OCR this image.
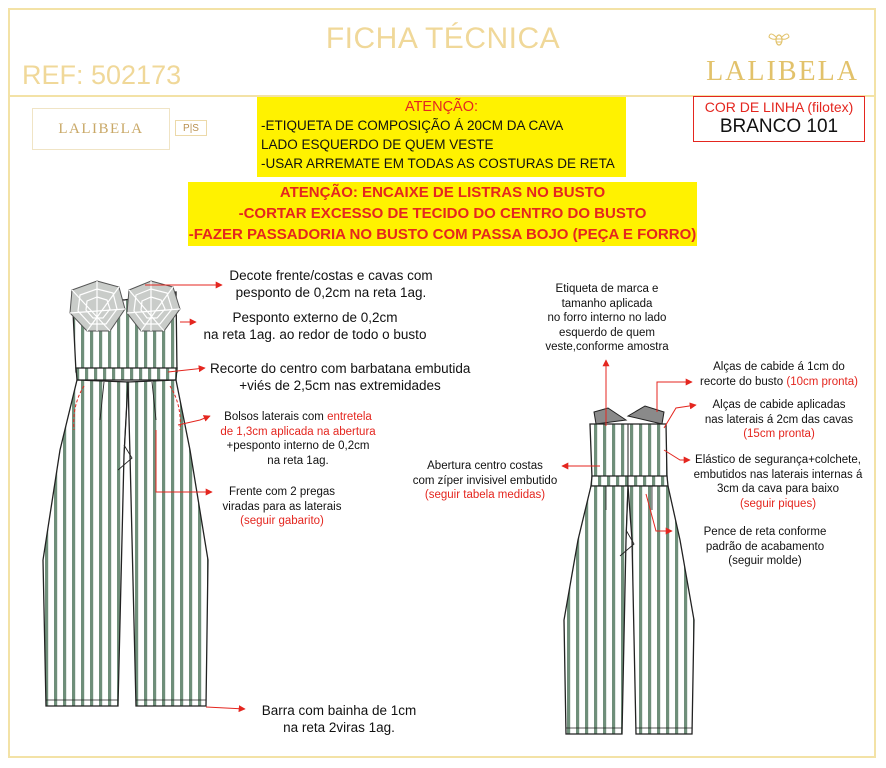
FICHA TÉCNICA
REF: 502173	LALIBELA
LALIBELA	P|S
ATENÇÃO:
-ETIQUETA DE COMPOSIÇÃO Á 20CM DA CAVA
LADO ESQUERDO DE QUEM VESTE
-USAR ARREMATE EM TODAS AS COSTURAS DE RETA
COR DE LINHA (filotex)
BRANCO 101
ATENÇÃO: ENCAIXE DE LISTRAS NO BUSTO
-CORTAR EXCESSO DE TECIDO DO CENTRO DO BUSTO
-FAZER PASSADORIA NO BUSTO COM PASSA BOJO (PEÇA E FORRO)
Decote frente/costas e cavas com
pesponto de 0,2cm na reta 1ag.
Pesponto externo de 0,2cm
na reta 1ag. ao redor de todo o busto
Recorte do centro com barbatana embutida
+viés de 2,5cm nas extremidades
Bolsos laterais com entretela
de 1,3cm aplicada na abertura
+pesponto interno de 0,2cm
na reta 1ag.
Frente com 2 pregas
viradas para as laterais
(seguir gabarito)
Barra com bainha de 1cm
na reta 2viras 1ag.
Etiqueta de marca e
tamanho aplicada
no forro interno no lado
esquerdo de quem
veste,conforme amostra
Alças de cabide á 1cm do
recorte do busto (10cm pronta)
Alças de cabide aplicadas
nas laterais á 2cm das cavas
(15cm pronta)
Elástico de segurança+colchete,
embutidos nas laterais internas á
3cm da cava para baixo
(seguir piques)
Abertura centro costas
com zíper invisivel embutido
(seguir tabela medidas)
Pence de reta conforme
padrão de acabamento
(seguir molde)
